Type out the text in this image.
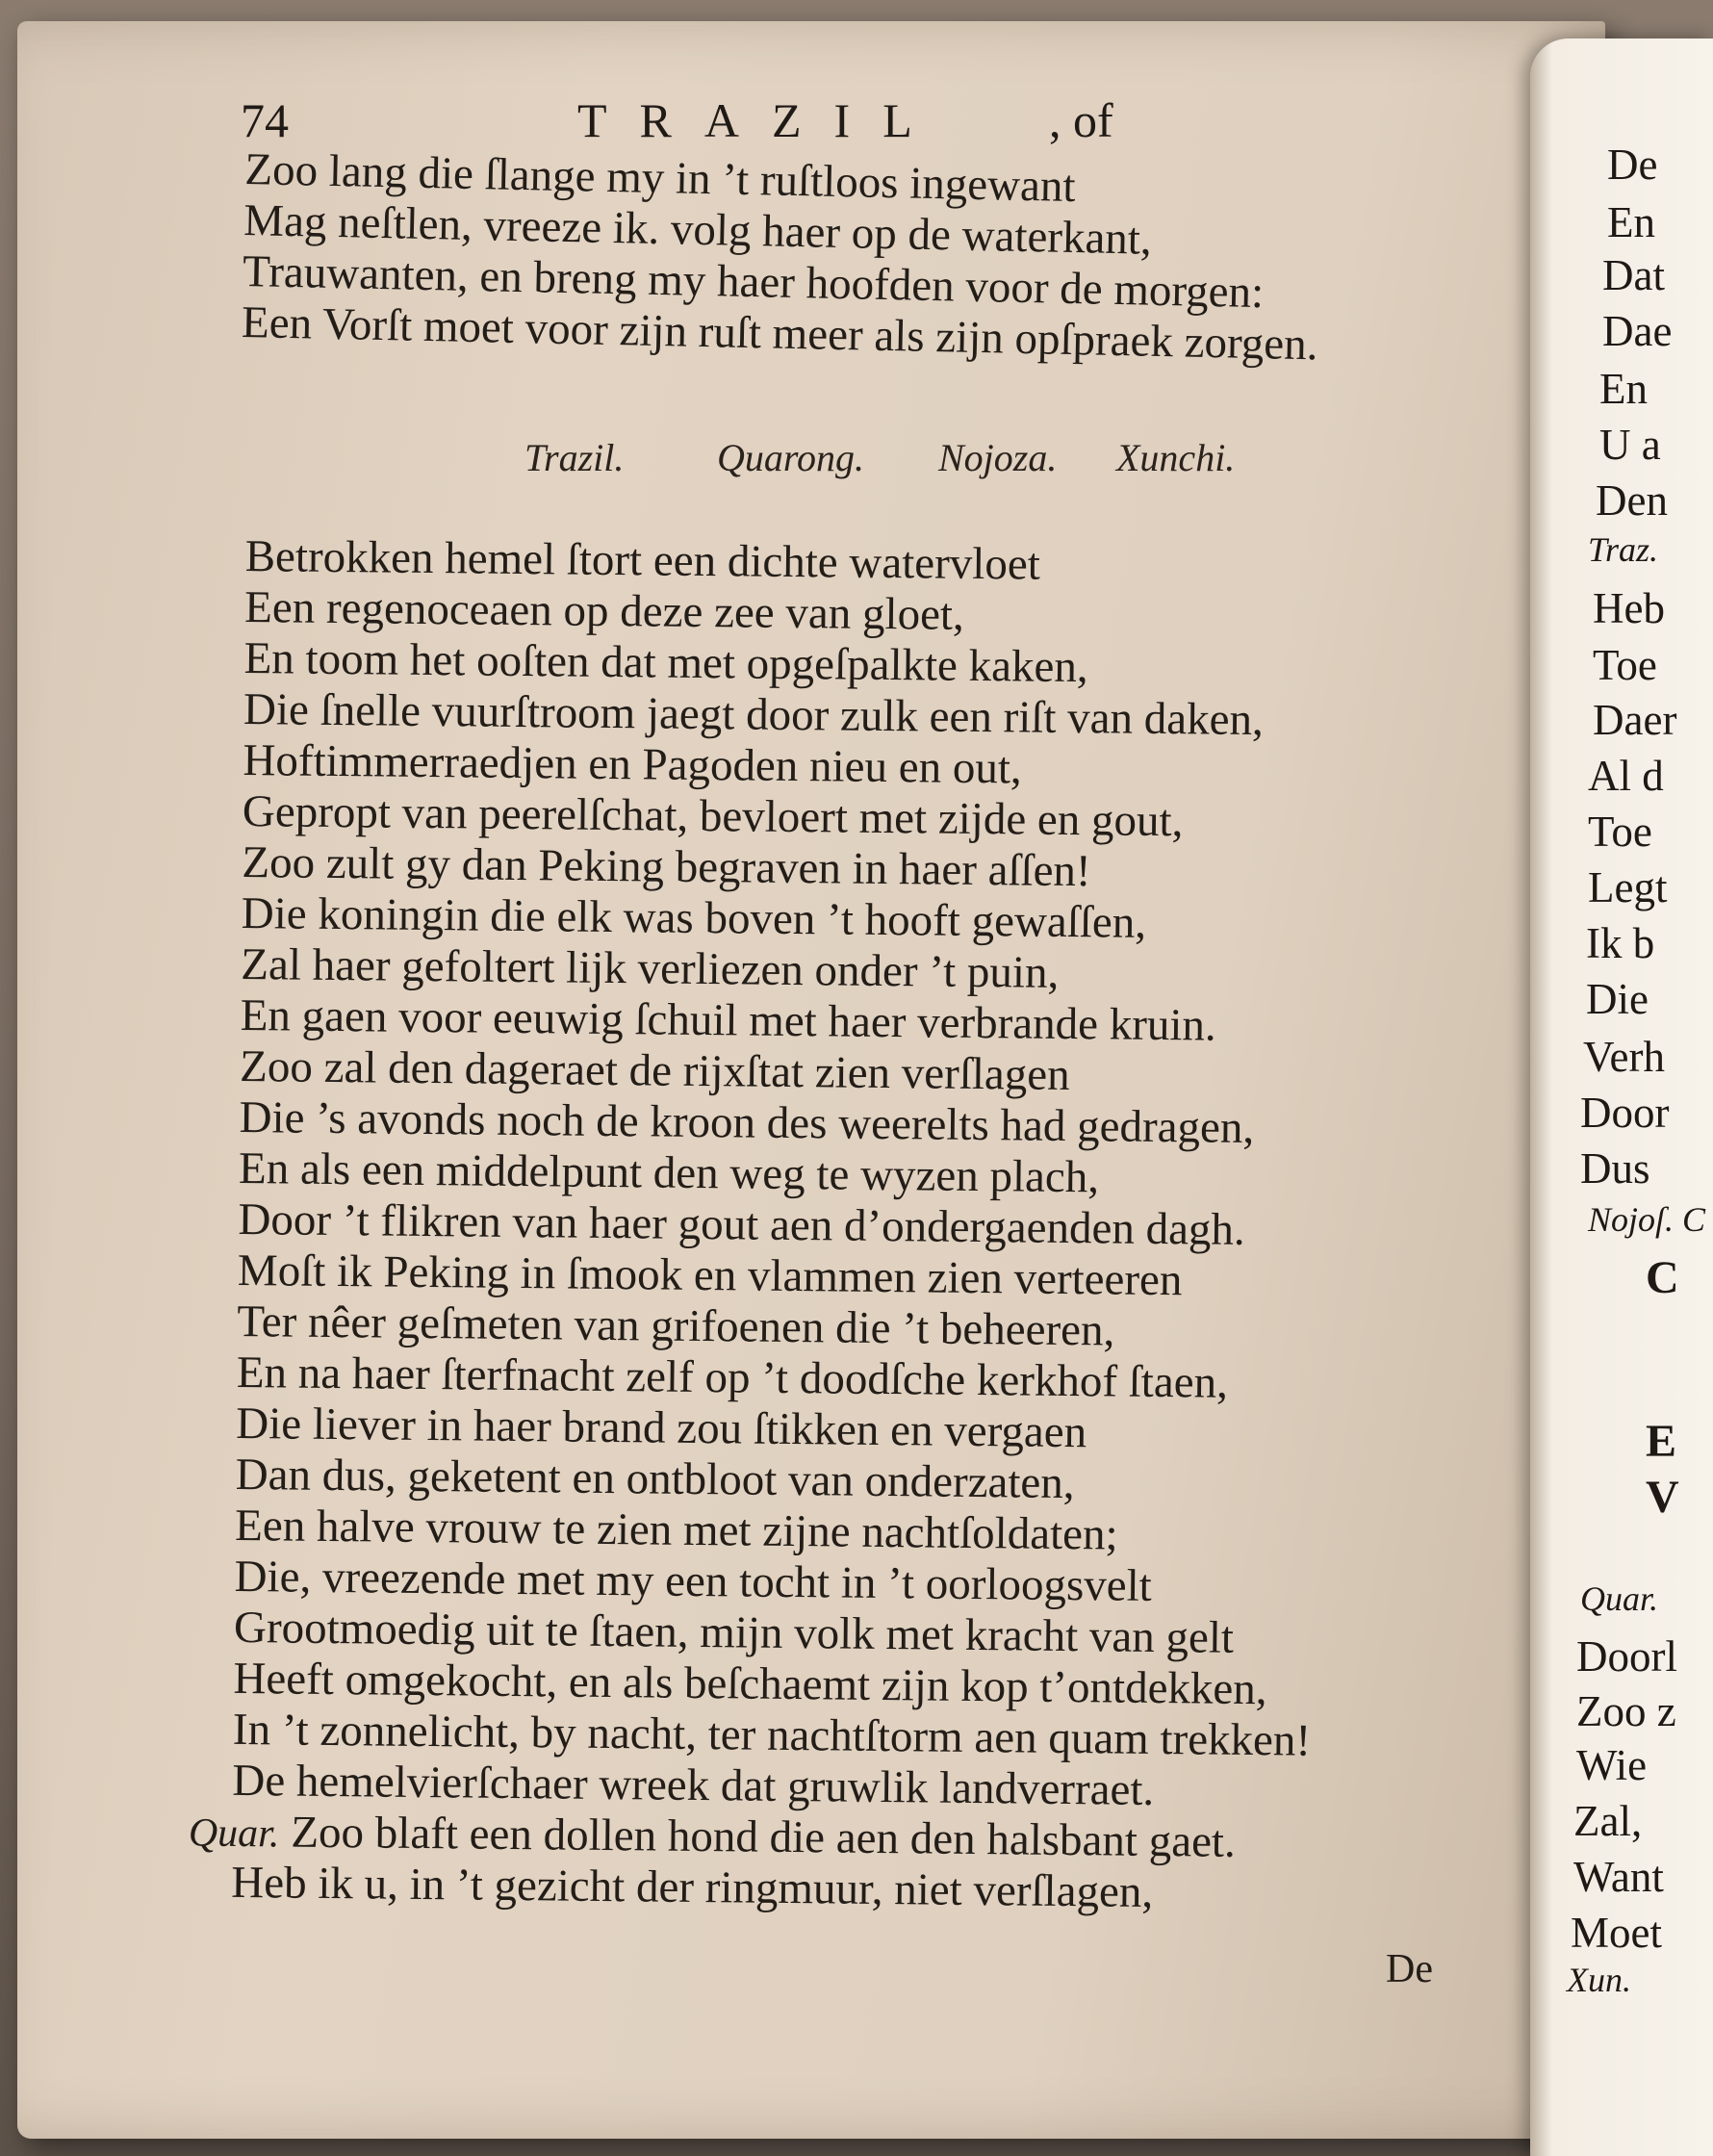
74	TRAZIL , of
Zoo lang die ſlange my in ’t ruſtloos ingewant
Mag neſtlen, vreeze ik. volg haer op de waterkant,
Trauwanten, en breng my haer hoofden voor de morgen:
Een Vorſt moet voor zijn ruſt meer als zijn opſpraek zorgen.
Trazil. Quarong. Nojoza. Xunchi.
Betrokken hemel ſtort een dichte watervloet
Een regenoceaen op deze zee van gloet,
En toom het ooſten dat met opgeſpalkte kaken,
Die ſnelle vuurſtroom jaegt door zulk een riſt van daken,
Hoftimmerraedjen en Pagoden nieu en out,
Gepropt van peerelſchat, bevloert met zijde en gout,
Zoo zult gy dan Peking begraven in haer aſſen!
Die koningin die elk was boven ’t hooft gewaſſen,
Zal haer gefoltert lijk verliezen onder ’t puin,
En gaen voor eeuwig ſchuil met haer verbrande kruin.
Zoo zal den dageraet de rijxſtat zien verſlagen
Die ’s avonds noch de kroon des weerelts had gedragen,
En als een middelpunt den weg te wyzen plach,
Door ’t flikren van haer gout aen d’ondergaenden dagh.
Moſt ik Peking in ſmook en vlammen zien verteeren
Ter nêer geſmeten van grifoenen die ’t beheeren,
En na haer ſterfnacht zelf op ’t doodſche kerkhof ſtaen,
Die liever in haer brand zou ſtikken en vergaen
Dan dus, geketent en ontbloot van onderzaten,
Een halve vrouw te zien met zijne nachtſoldaten;
Die, vreezende met my een tocht in ’t oorloogsvelt
Grootmoedig uit te ſtaen, mijn volk met kracht van gelt
Heeft omgekocht, en als beſchaemt zijn kop t’ontdekken,
In ’t zonnelicht, by nacht, ter nachtſtorm aen quam trekken!
De hemelvierſchaer wreek dat gruwlik landverraet.
Quar. Zoo blaft een dollen hond die aen den halsbant gaet.
Heb ik u, in ’t gezicht der ringmuur, niet verſlagen,
De
De
En
Dat
Dae
En
U a
Den
Traz.
Heb
Toe
Daer
Al d
Toe
Legt
Ik b
Die
Verh
Door
Dus
Nojoſ. C
C
E
V
Quar.
Doorl
Zoo z
Wie
Zal,
Want
Moet
Xun.
